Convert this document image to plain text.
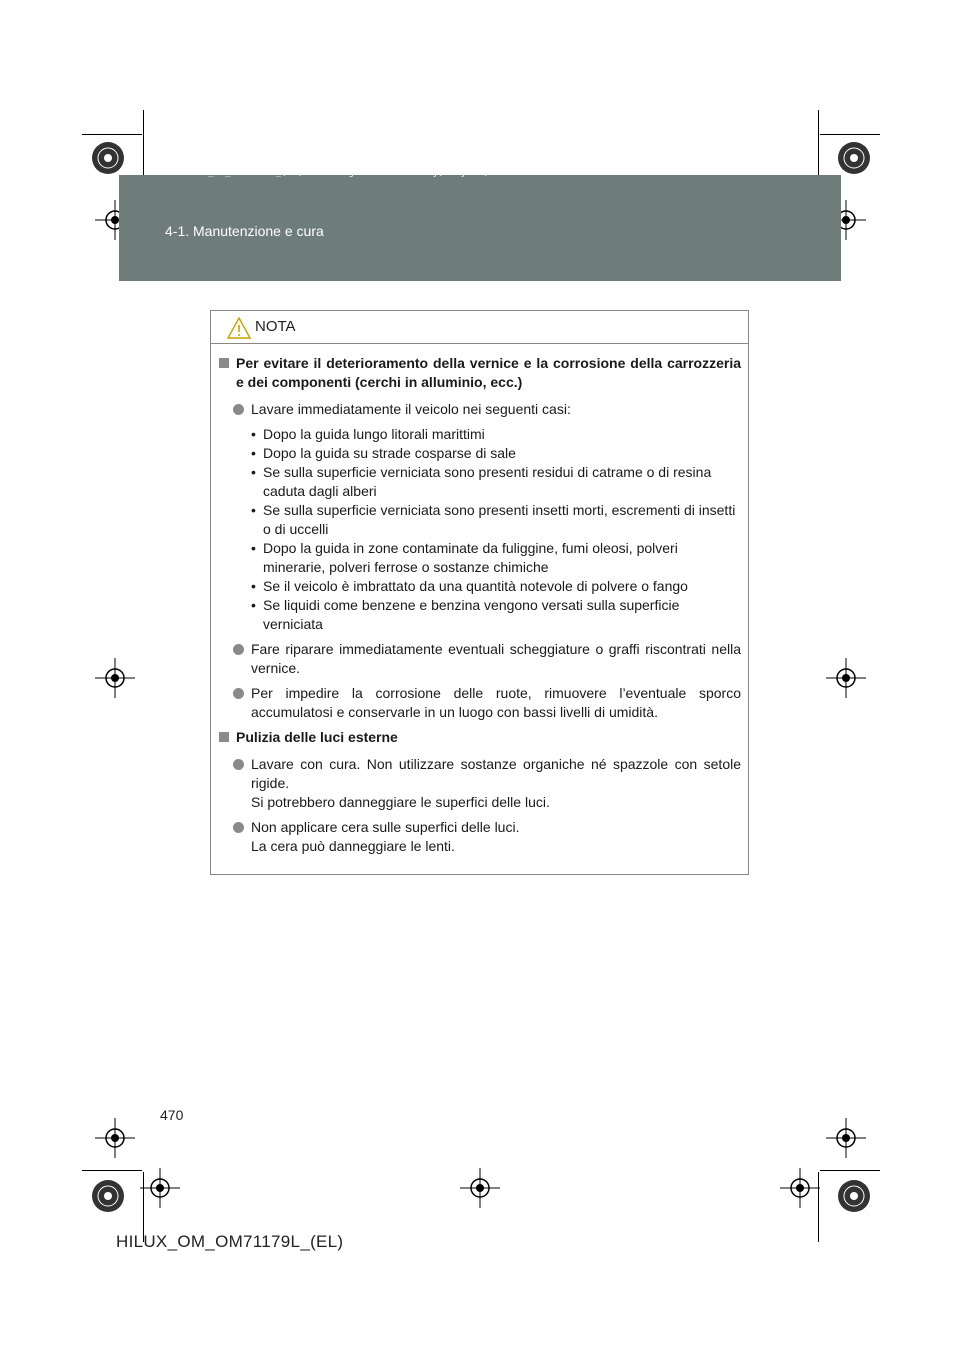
HILUX_OM_OM71179L_(EL).book Page 470 Wednesday, May 16, 2012 11:37 AM
4-1. Manutenzione e cura
NOTA
Per evitare il deterioramento della vernice e la corrosione della carrozzeria e dei componenti (cerchi in alluminio, ecc.)
Lavare immediatamente il veicolo nei seguenti casi:
• Dopo la guida lungo litorali marittimi
• Dopo la guida su strade cosparse di sale
• Se sulla superficie verniciata sono presenti residui di catrame o di resina caduta dagli alberi
• Se sulla superficie verniciata sono presenti insetti morti, escrementi di insetti o di uccelli
• Dopo la guida in zone contaminate da fuliggine, fumi oleosi, polveri minerarie, polveri ferrose o sostanze chimiche
• Se il veicolo è imbrattato da una quantità notevole di polvere o fango
• Se liquidi come benzene e benzina vengono versati sulla superficie verniciata
Fare riparare immediatamente eventuali scheggiature o graffi riscontrati nella vernice.
Per impedire la corrosione delle ruote, rimuovere l’eventuale sporco accumulatosi e conservarle in un luogo con bassi livelli di umidità.
Pulizia delle luci esterne
Lavare con cura. Non utilizzare sostanze organiche né spazzole con setole rigide.
Si potrebbero danneggiare le superfici delle luci.
Non applicare cera sulle superfici delle luci.
La cera può danneggiare le lenti.
470
HILUX_OM_OM71179L_(EL)
